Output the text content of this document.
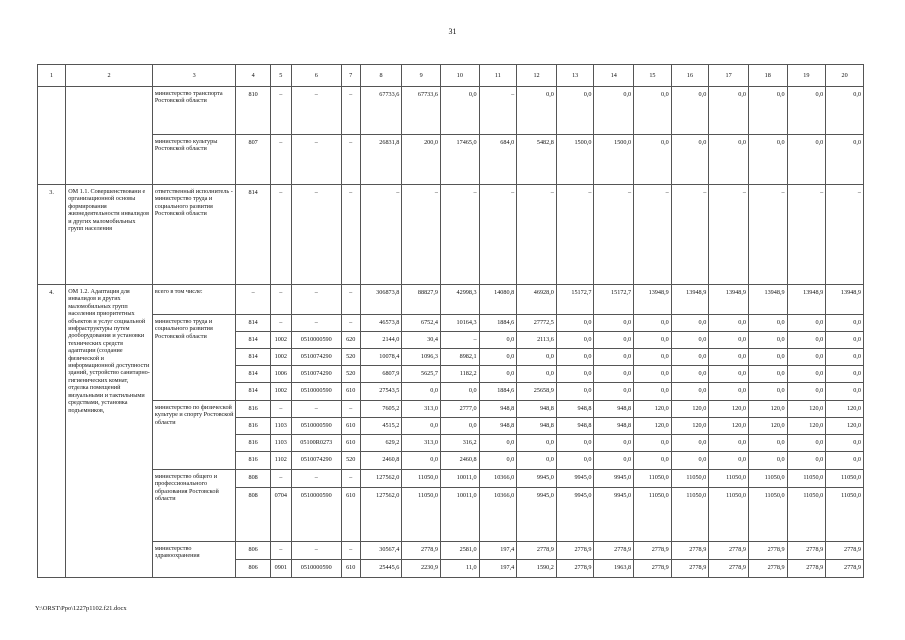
31
1	2	3	4	5	6	7	8	9	10	11	12	13	14	15	16	17	18	19	20
		министерство транспорта Ростовской области	810	–	–	–	67733,6	67733,6	0,0	–	0,0	0,0	0,0	0,0	0,0	0,0	0,0	0,0	0,0
		министерство культуры Ростовской области	807	–	–	–	26831,8	200,0	17465,0	684,0	5482,8	1500,0	1500,0	0,0	0,0	0,0	0,0	0,0	0,0
3.	ОМ 1.1. Совершенствовани е организационной основы формирования жизнедеятельности инвалидов и других маломобильных групп населения	ответственный исполнитель - министерство труда и социального развития Ростовской области	814	–	–	–	–	–	–	–	–	–	–	–	–	–	–	–	–
4.	ОМ 1.2. Адаптация для инвалидов и других маломобильных групп населения приоритетных объектов и услуг социальной инфраструктуры путем дооборудования и установки технических средств адаптации (создание физической и информационной доступности зданий, устройство санитарно-гигиенических комнат, отделка помещений визуальными и тактильными средствами, установка подъемников,	всего в том числе:	–	–	–	–	306873,8	88827,9	42998,3	14080,8	46928,0	15172,7	15172,7	13948,9	13948,9	13948,9	13948,9	13948,9	13948,9
		министерство труда и социального развития Ростовской области	814	–	–	–	46573,8	6752,4	10164,3	1884,6	27772,5	0,0	0,0	0,0	0,0	0,0	0,0	0,0	0,0
			814	1002	0510000590	620	2144,0	30,4	–	0,0	2113,6	0,0	0,0	0,0	0,0	0,0	0,0	0,0	0,0
			814	1002	0510074290	520	10078,4	1096,3	8982,1	0,0	0,0	0,0	0,0	0,0	0,0	0,0	0,0	0,0	0,0
			814	1006	0510074290	520	6807,9	5625,7	1182,2	0,0	0,0	0,0	0,0	0,0	0,0	0,0	0,0	0,0	0,0
			814	1002	0510000590	610	27543,5	0,0	0,0	1884,6	25658,9	0,0	0,0	0,0	0,0	0,0	0,0	0,0	0,0
		министерство по физической культуре и спорту Ростовской области	816	–	–	–	7605,2	313,0	2777,0	948,8	948,8	948,8	948,8	120,0	120,0	120,0	120,0	120,0	120,0
			816	1103	0510000590	610	4515,2	0,0	0,0	948,8	948,8	948,8	948,8	120,0	120,0	120,0	120,0	120,0	120,0
			816	1103	05100R0273	610	629,2	313,0	316,2	0,0	0,0	0,0	0,0	0,0	0,0	0,0	0,0	0,0	0,0
			816	1102	0510074290	520	2460,8	0,0	2460,8	0,0	0,0	0,0	0,0	0,0	0,0	0,0	0,0	0,0	0,0
		министерство общего и профессионального образования Ростовской области	808	–	–	–	127562,0	11050,0	10011,0	10366,0	9945,0	9945,0	9945,0	11050,0	11050,0	11050,0	11050,0	11050,0	11050,0
			808	0704	0510000590	610	127562,0	11050,0	10011,0	10366,0	9945,0	9945,0	9945,0	11050,0	11050,0	11050,0	11050,0	11050,0	11050,0
		министерство здравоохранения	806	–	–	–	30567,4	2778,9	2581,0	197,4	2778,9	2778,9	2778,9	2778,9	2778,9	2778,9	2778,9	2778,9	2778,9
			806	0901	0510000590	610	25445,6	2230,9	11,0	197,4	1590,2	2778,9	1963,8	2778,9	2778,9	2778,9	2778,9	2778,9	2778,9
Y:\ORST\Ppo\1227p1102.f21.docx
